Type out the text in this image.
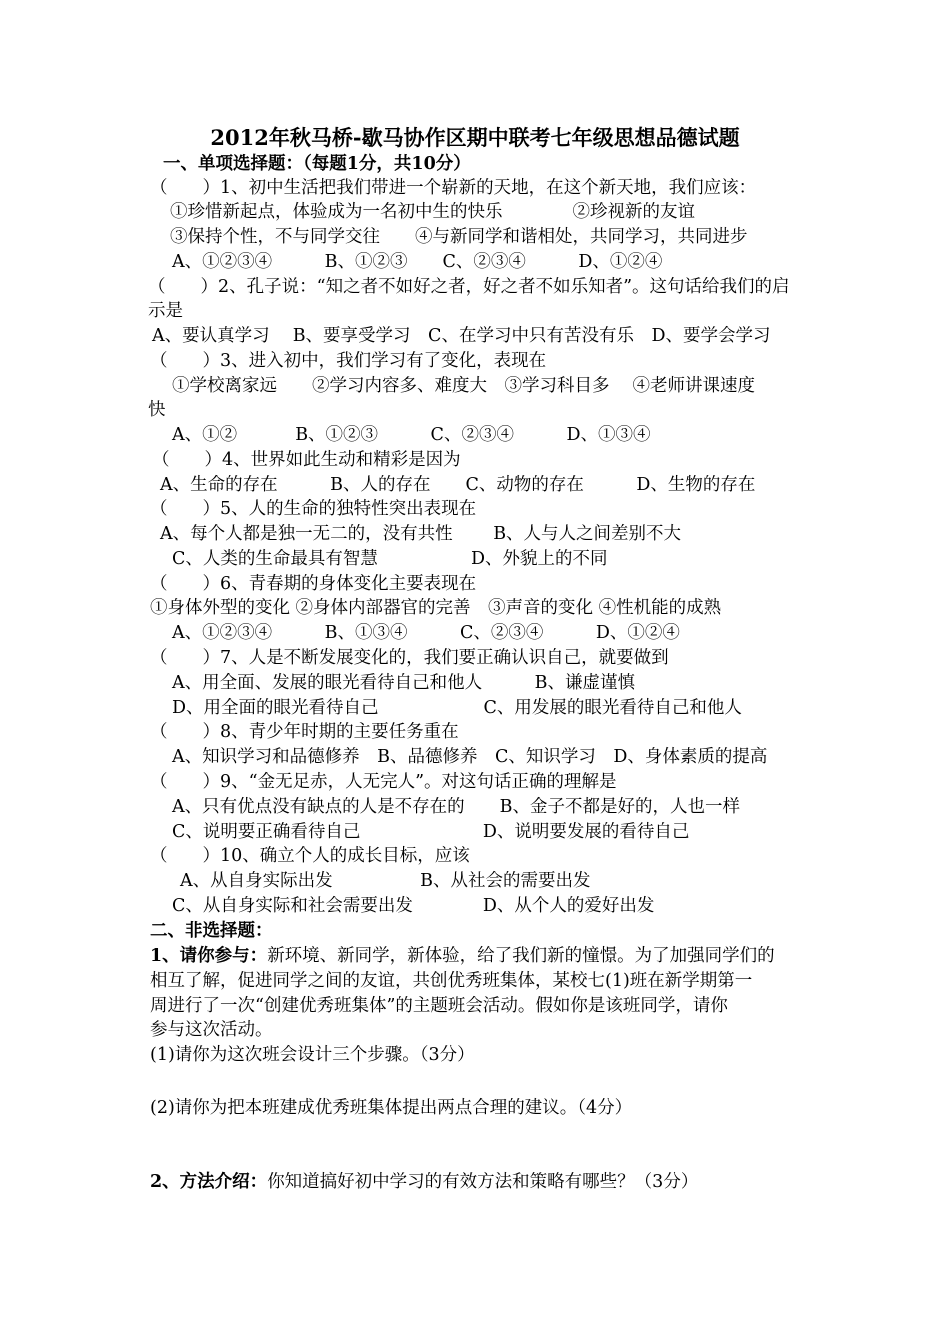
2012年秋马桥-歇马协作区期中联考七年级思想品德试题
一、单项选择题：（每题1分，共10分）
（　　）1、初中生活把我们带进一个崭新的天地，在这个新天地，我们应该：
①珍惜新起点，体验成为一名初中生的快乐　　　　②珍视新的友谊
③保持个性，不与同学交往　　④与新同学和谐相处，共同学习，共同进步
A、①②③④　　　B、①②③　　C、②③④　　　D、①②④
（　　）2、孔子说：“知之者不如好之者，好之者不如乐知者”。这句话给我们的启
示是
A、要认真学习　 B、要享受学习　C、在学习中只有苦没有乐　D、要学会学习
（　　）3、进入初中，我们学习有了变化，表现在
①学校离家远　　②学习内容多、难度大　③学习科目多　 ④老师讲课速度
快
A、①②　　　 B、①②③　　　C、②③④　　　D、①③④
（　　）4、世界如此生动和精彩是因为
A、生命的存在　　　B、人的存在　　C、动物的存在　　　D、生物的存在
（　　）5、人的生命的独特性突出表现在
A、每个人都是独一无二的，没有共性　　 B、人与人之间差别不大
C、人类的生命最具有智慧　　　　　 D、外貌上的不同
（　　）6、青春期的身体变化主要表现在
①身体外型的变化 ②身体内部器官的完善　③声音的变化 ④性机能的成熟
A、①②③④　　　B、①③④　　　C、②③④　　　D、①②④
（　　）7、人是不断发展变化的，我们要正确认识自己，就要做到
A、用全面、发展的眼光看待自己和他人　　　B、谦虚谨慎
D、用全面的眼光看待自己　　　　　　C、用发展的眼光看待自己和他人
（　　）8、青少年时期的主要任务重在
A、知识学习和品德修养　B、品德修养　C、知识学习　D、身体素质的提高
（　　）9、“金无足赤，人无完人”。对这句话正确的理解是
A、只有优点没有缺点的人是不存在的　　B、金子不都是好的，人也一样
C、说明要正确看待自己　　　　　　　D、说明要发展的看待自己
（　　）10、确立个人的成长目标，应该
A、从自身实际出发　　　　　B、从社会的需要出发
C、从自身实际和社会需要出发　　　　D、从个人的爱好出发
二、非选择题：
1、请你参与：新环境、新同学，新体验，给了我们新的憧憬。为了加强同学们的
相互了解，促进同学之间的友谊，共创优秀班集体，某校七(1)班在新学期第一
周进行了一次“创建优秀班集体”的主题班会活动。假如你是该班同学，请你
参与这次活动。
(1)请你为这次班会设计三个步骤。（3分）
(2)请你为把本班建成优秀班集体提出两点合理的建议。（4分）
2、方法介绍：你知道搞好初中学习的有效方法和策略有哪些？（3分）
